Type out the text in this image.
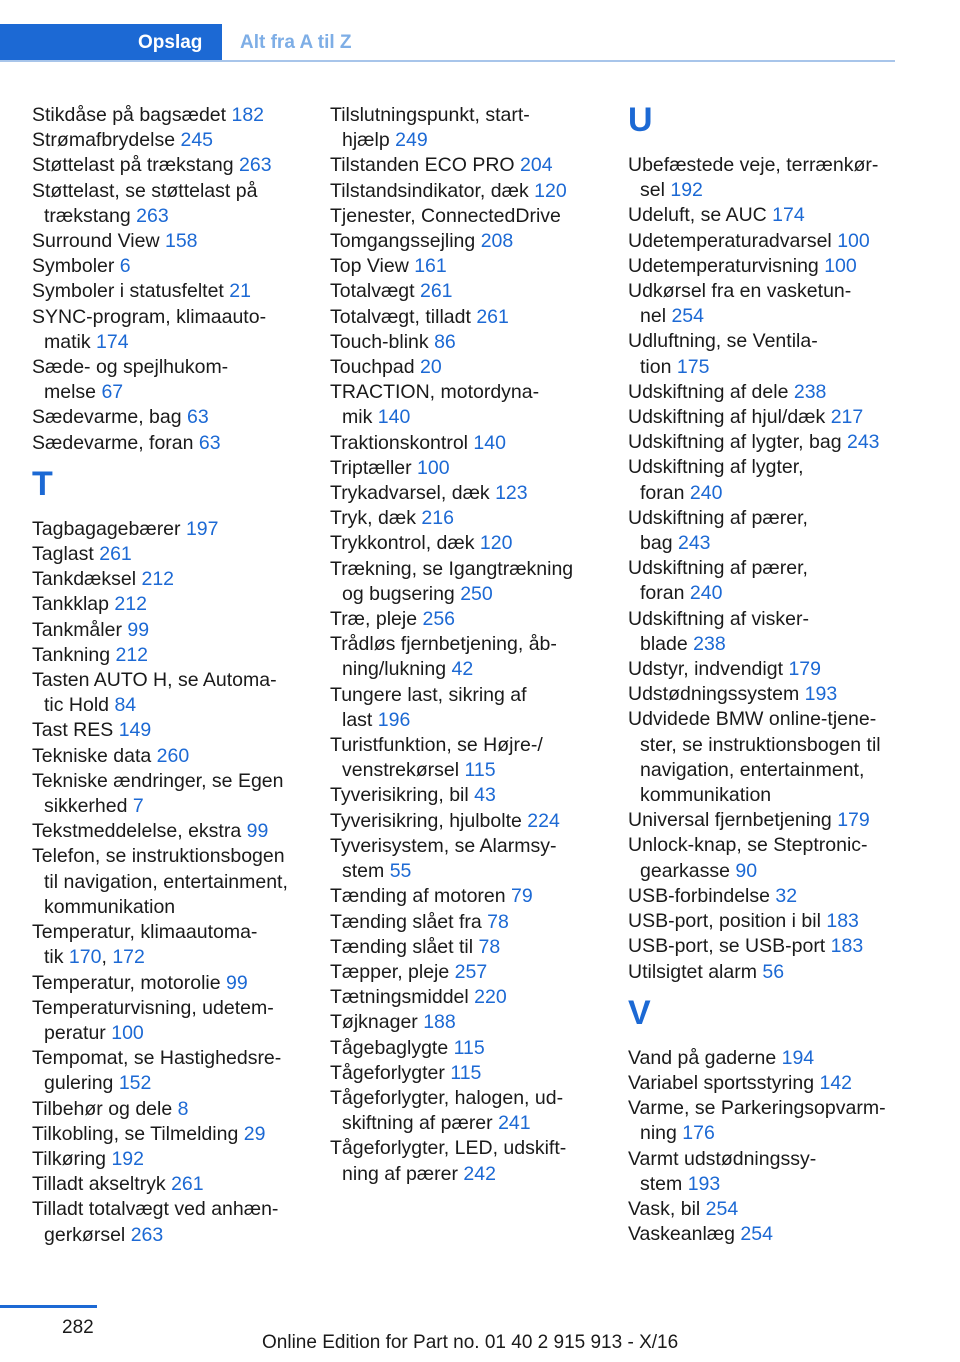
Opslag	Alt fra A til Z
Stikdåse på bagsædet 182
Strømafbrydelse 245
Støttelast på trækstang 263
Støttelast, se støttelast på
trækstang 263
Surround View 158
Symboler 6
Symboler i statusfeltet 21
SYNC-program, klimaauto‐
matik 174
Sæde- og spejlhukom‐
melse 67
Sædevarme, bag 63
Sædevarme, foran 63
T
Tagbagagebærer 197
Taglast 261
Tankdæksel 212
Tankklap 212
Tankmåler 99
Tankning 212
Tasten AUTO H, se Automa‐
tic Hold 84
Tast RES 149
Tekniske data 260
Tekniske ændringer, se Egen
sikkerhed 7
Tekstmeddelelse, ekstra 99
Telefon, se instruktionsbogen
til navigation, entertainment,
kommunikation
Temperatur, klimaautoma‐
tik 170, 172
Temperatur, motorolie 99
Temperaturvisning, udetem‐
peratur 100
Tempomat, se Hastighedsre‐
gulering 152
Tilbehør og dele 8
Tilkobling, se Tilmelding 29
Tilkøring 192
Tilladt akseltryk 261
Tilladt totalvægt ved anhæn‐
gerkørsel 263
Tilslutningspunkt, start‐
hjælp 249
Tilstanden ECO PRO 204
Tilstandsindikator, dæk 120
Tjenester, ConnectedDrive
Tomgangssejling 208
Top View 161
Totalvægt 261
Totalvægt, tilladt 261
Touch-blink 86
Touchpad 20
TRACTION, motordyna‐
mik 140
Traktionskontrol 140
Triptæller 100
Trykadvarsel, dæk 123
Tryk, dæk 216
Trykkontrol, dæk 120
Trækning, se Igangtrækning
og bugsering 250
Træ, pleje 256
Trådløs fjernbetjening, åb‐
ning/lukning 42
Tungere last, sikring af
last 196
Turistfunktion, se Højre-/
venstrekørsel 115
Tyverisikring, bil 43
Tyverisikring, hjulbolte 224
Tyverisystem, se Alarmsy‐
stem 55
Tænding af motoren 79
Tænding slået fra 78
Tænding slået til 78
Tæpper, pleje 257
Tætningsmiddel 220
Tøjknager 188
Tågebaglygte 115
Tågeforlygter 115
Tågeforlygter, halogen, ud‐
skiftning af pærer 241
Tågeforlygter, LED, udskift‐
ning af pærer 242
U
Ubefæstede veje, terrænkør‐
sel 192
Udeluft, se AUC 174
Udetemperaturadvarsel 100
Udetemperaturvisning 100
Udkørsel fra en vasketun‐
nel 254
Udluftning, se Ventila‐
tion 175
Udskiftning af dele 238
Udskiftning af hjul/dæk 217
Udskiftning af lygter, bag 243
Udskiftning af lygter,
foran 240
Udskiftning af pærer,
bag 243
Udskiftning af pærer,
foran 240
Udskiftning af visker‐
blade 238
Udstyr, indvendigt 179
Udstødningssystem 193
Udvidede BMW online-tjene‐
ster, se instruktionsbogen til
navigation, entertainment,
kommunikation
Universal fjernbetjening 179
Unlock-knap, se Steptronic-
gearkasse 90
USB-forbindelse 32
USB-port, position i bil 183
USB-port, se USB-port 183
Utilsigtet alarm 56
V
Vand på gaderne 194
Variabel sportsstyring 142
Varme, se Parkeringsopvarm‐
ning 176
Varmt udstødningssy‐
stem 193
Vask, bil 254
Vaskeanlæg 254
282
Online Edition for Part no. 01 40 2 915 913 - X/16
